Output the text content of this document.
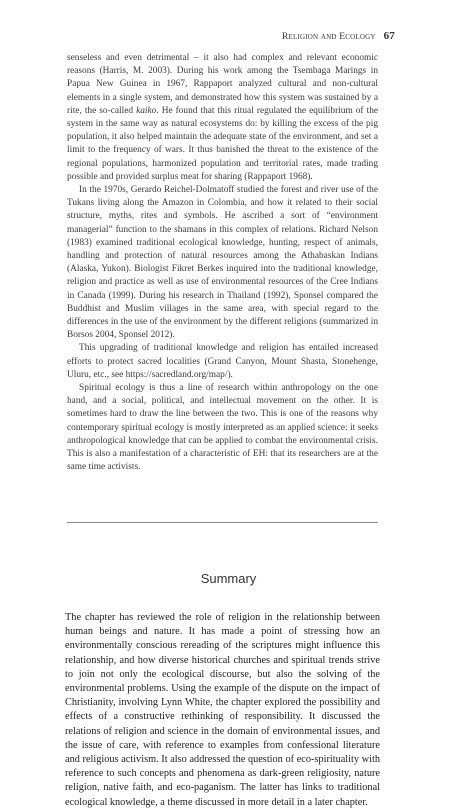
Religion and Ecology 67

senseless and even detrimental – it also had complex and relevant economic reasons (Harris, M. 2003). During his work among the Tsembaga Marings in Papua New Guinea in 1967, Rappaport analyzed cultural and non-cultural elements in a single system, and demonstrated how this system was sustained by a rite, the so-called kaiko. He found that this ritual regulated the equilibrium of the system in the same way as natural ecosystems do: by killing the excess of the pig population, it also helped maintain the adequate state of the environment, and set a limit to the frequency of wars. It thus banished the threat to the existence of the regional populations, harmonized population and territorial rates, made trading possible and provided surplus meat for sharing (Rappaport 1968).

In the 1970s, Gerardo Reichel-Dolmatoff studied the forest and river use of the Tukans living along the Amazon in Colombia, and how it related to their social structure, myths, rites and symbols. He ascribed a sort of “environment managerial” function to the shamans in this complex of relations. Richard Nelson (1983) examined traditional ecological knowledge, hunting, respect of animals, handling and protection of natural resources among the Athabaskan Indians (Alaska, Yukon). Biologist Fikret Berkes inquired into the traditional knowledge, religion and practice as well as use of environmental resources of the Cree Indians in Canada (1999). During his research in Thailand (1992), Sponsel compared the Buddhist and Muslim villages in the same area, with special regard to the differences in the use of the environment by the different religions (summarized in Borsos 2004, Sponsel 2012).

This upgrading of traditional knowledge and religion has entailed increased efforts to protect sacred localities (Grand Canyon, Mount Shasta, Stonehenge, Uluru, etc., see https://sacredland.org/map/).

Spiritual ecology is thus a line of research within anthropology on the one hand, and a social, political, and intellectual movement on the other. It is sometimes hard to draw the line between the two. This is one of the reasons why contemporary spiritual ecology is mostly interpreted as an applied science: it seeks anthropological knowledge that can be applied to combat the environmental crisis. This is also a manifestation of a characteristic of EH: that its researchers are at the same time activists.

Summary

The chapter has reviewed the role of religion in the relationship between human beings and nature. It has made a point of stressing how an environmentally conscious rereading of the scriptures might influence this relationship, and how diverse historical churches and spiritual trends strive to join not only the ecological discourse, but also the solving of the environmental problems. Using the example of the dispute on the impact of Christianity, involving Lynn White, the chapter explored the possibility and effects of a constructive rethinking of responsibility. It discussed the relations of religion and science in the domain of environmental issues, and the issue of care, with reference to examples from confessional literature and religious activism. It also addressed the question of eco-spirituality with reference to such concepts and phenomena as dark-green religiosity, nature religion, native faith, and eco-paganism. The latter has links to traditional ecological knowledge, a theme discussed in more detail in a later chapter.
